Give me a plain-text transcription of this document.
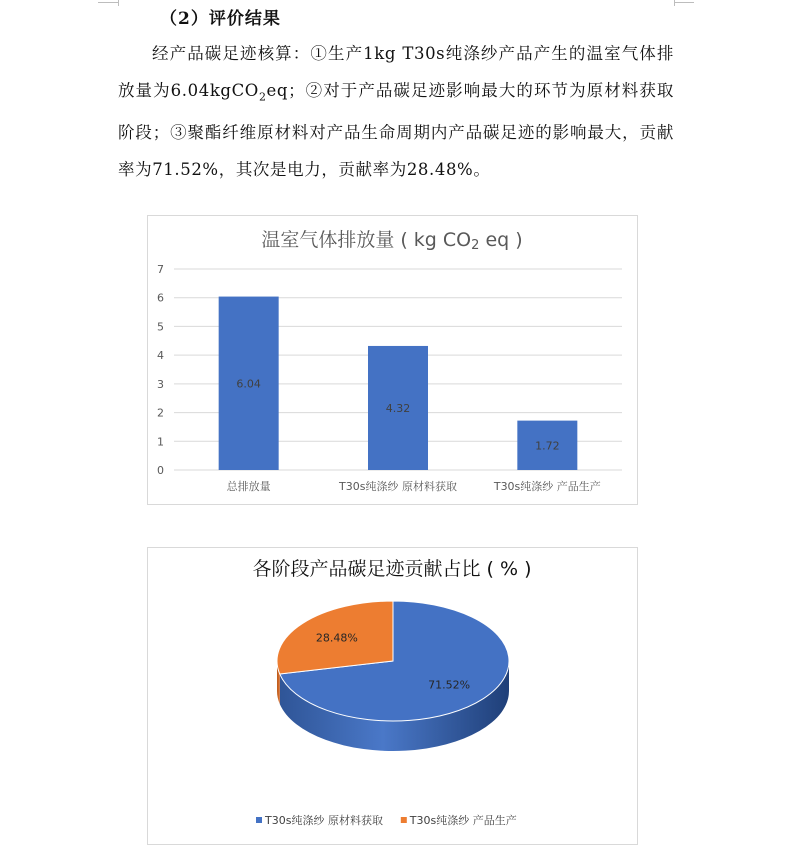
（2）评价结果
经产品碳足迹核算：①生产1kg T30s纯涤纱产品产生的温室气体排放量为6.04kgCO$_2$eq；②对于产品碳足迹影响最大的环节为原材料获取阶段；③聚酯纤维原材料对产品生命周期内产品碳足迹的影响最大，贡献率为71.52%，其次是电力，贡献率为28.48%。
温室气体排放量 ( kg CO2 eq )
0
1
2
3
4
5
6
7
6.04
4.32
1.72
总排放量	T30s纯涤纱 原材料获取	T30s纯涤纱 产品生产
各阶段产品碳足迹贡献占比 ( % )
71.52%
28.48%
T30s纯涤纱 原材料获取 T30s纯涤纱 产品生产
